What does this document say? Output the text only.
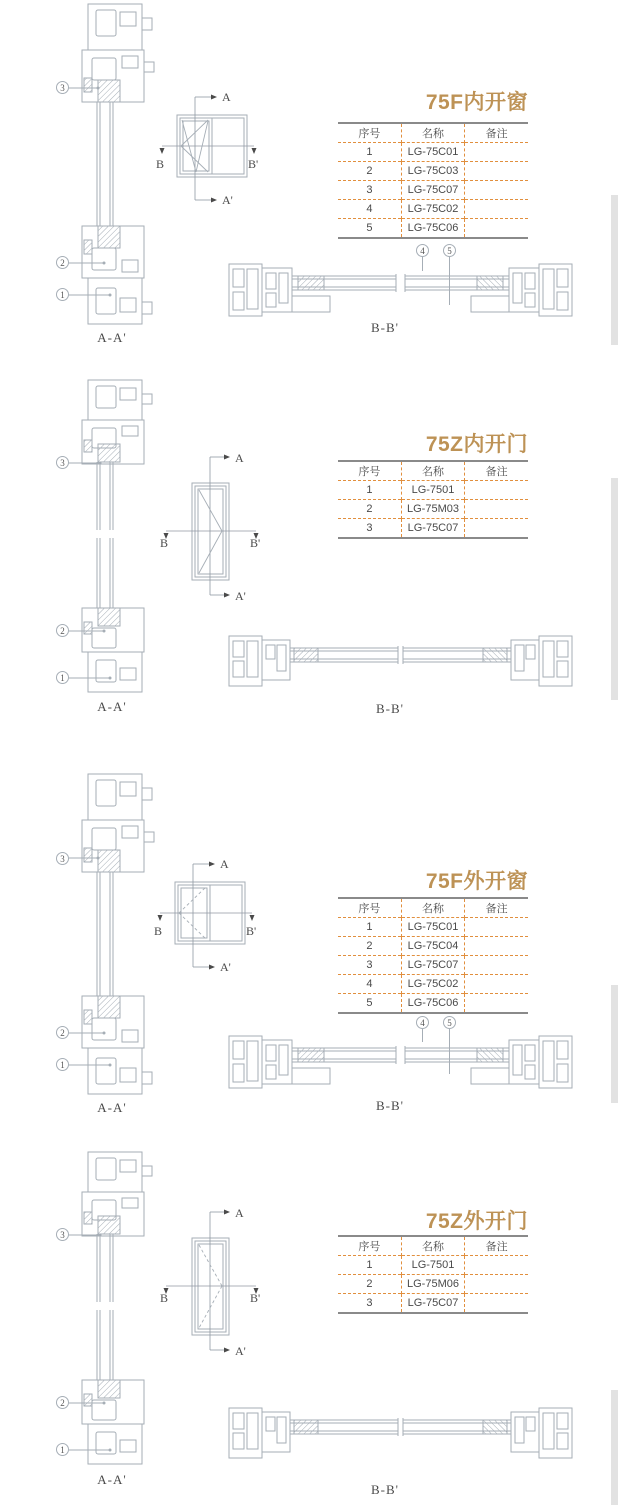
3
2
1
A-A'
A
A'
B	B'
75F内开窗
序号	名称	备注
1	LG-75C01	
2	LG-75C03	
3	LG-75C07	
4	LG-75C02	
5	LG-75C06	
4	5
B-B'
3
2
1
A-A'
A
A'
B	B'
75Z内开门
序号	名称	备注
1	LG-7501	
2	LG-75M03	
3	LG-75C07	
B-B'
3
2
1
A-A'
A
A'
B	B'
75F外开窗
序号	名称	备注
1	LG-75C01	
2	LG-75C04	
3	LG-75C07	
4	LG-75C02	
5	LG-75C06	
4	5
B-B'
3
2
1
A-A'
A
A'
B	B'
75Z外开门
序号	名称	备注
1	LG-7501	
2	LG-75M06	
3	LG-75C07	
B-B'
